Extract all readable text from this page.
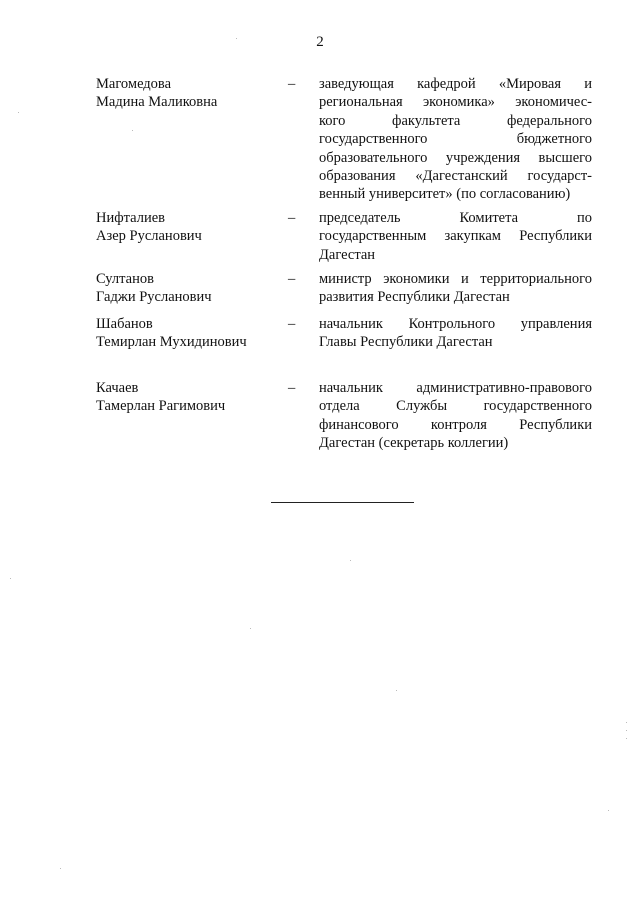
2
Магомедова
Мадина Маликовна
–	заведующая кафедрой «Мировая и
региональная экономика» экономичес-
кого факультета федерального
государственного бюджетного
образовательного учреждения высшего
образования «Дагестанский государст-
венный университет» (по согласованию)
Нифталиев
Азер Русланович
–	председатель Комитета по
государственным закупкам Республики
Дагестан
Султанов
Гаджи Русланович
–	министр экономики и территориального
развития Республики Дагестан
Шабанов
Темирлан Мухидинович
–	начальник Контрольного управления
Главы Республики Дагестан
Качаев
Тамерлан Рагимович
–	начальник административно-правового
отдела Службы государственного
финансового контроля Республики
Дагестан (секретарь коллегии)
